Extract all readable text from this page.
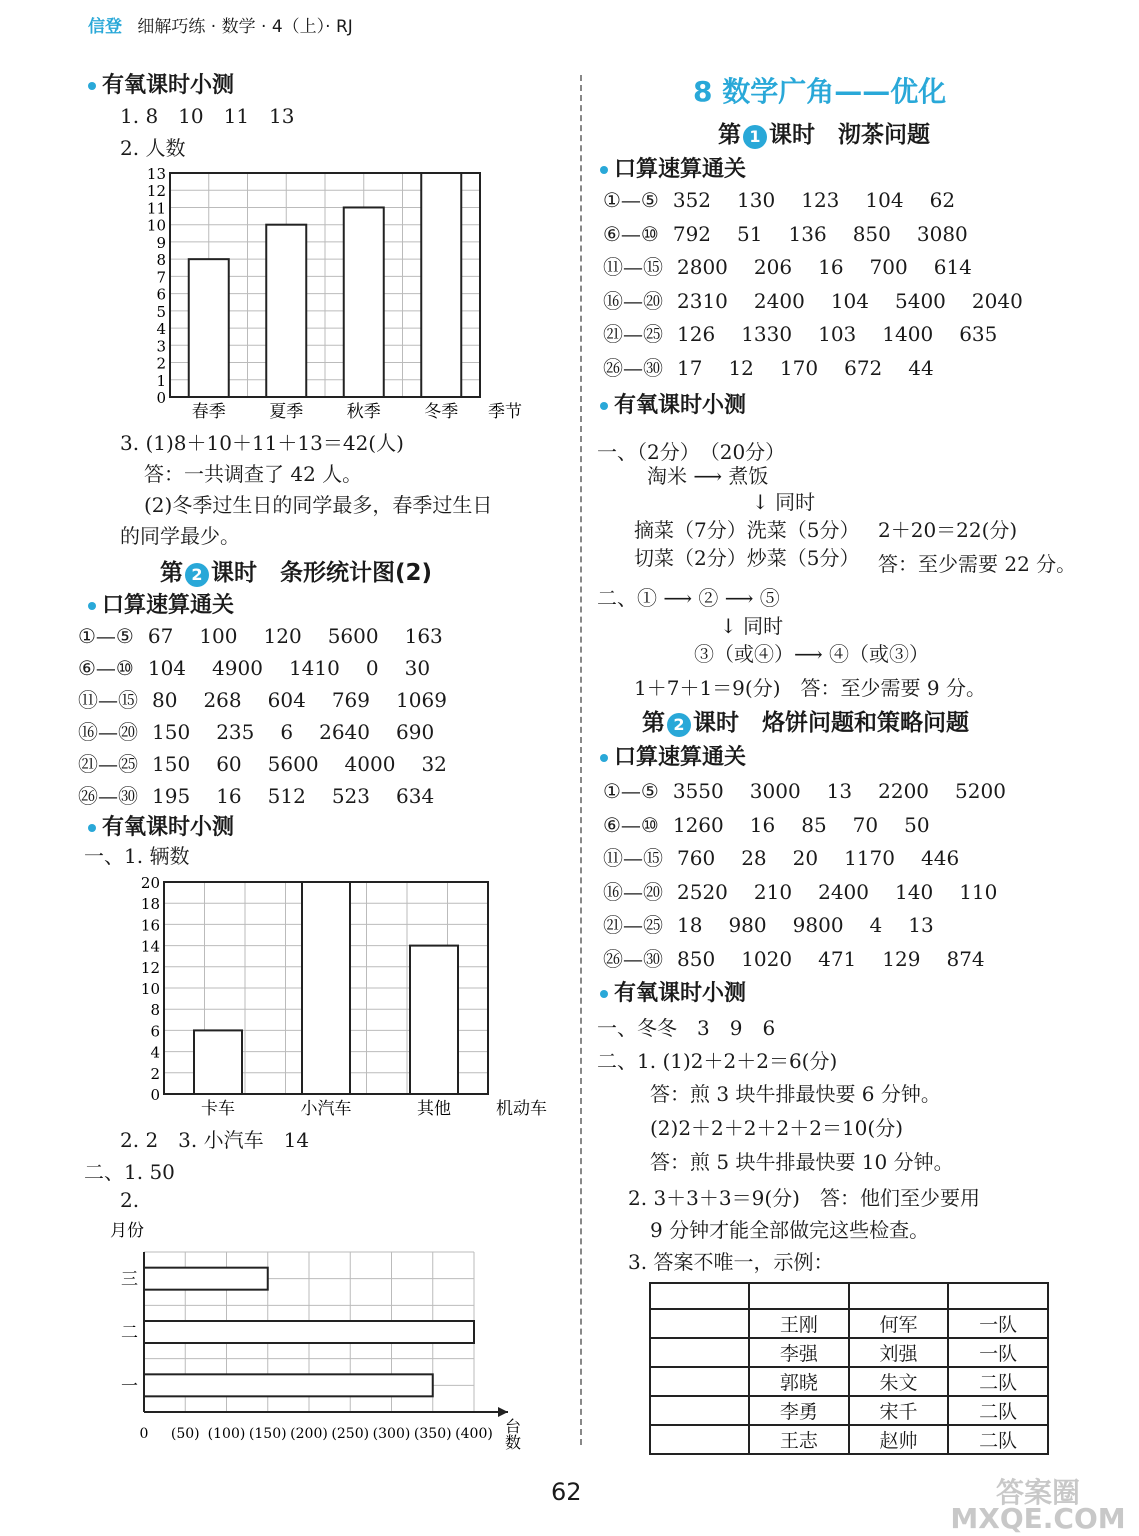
信登 细解巧练 · 数学 · 4（上）· RJ
有氧课时小测
1. 8　10　11　13
2. 人数
0
1
2
3
4
5
6
7
8
9
10
11
12
13
春季	夏季	秋季	冬季 季节
3. (1)8＋10＋11＋13＝42(人)
答：一共调查了 42 人。
(2)冬季过生日的同学最多，春季过生日
的同学最少。
第 2 课时　条形统计图(2)
口算速算通关
①—⑤ 67 100 120 5600 163
⑥—⑩ 104 4900 1410 0 30
⑪—⑮ 80 268 604 769 1069
⑯—⑳ 150 235 6 2640 690
㉑—㉕ 150 60 5600 4000 32
㉖—㉚ 195 16 512 523 634
有氧课时小测
一、1. 辆数
0
2
4
6
8
10
12
14
16
18
20
卡车	小汽车	其他	机动车
2. 2　3. 小汽车　14
二、1. 50
2.
月份
0 (50) (100) (150) (200) (250) (300) (350) (400)
三
二
一
台数
8 数学广角——优化
第 1 课时　沏茶问题
口算速算通关
①—⑤ 352 130 123 104 62
⑥—⑩ 792 51 136 850 3080
⑪—⑮ 2800 206 16 700 614
⑯—⑳ 2310 2400 104 5400 2040
㉑—㉕ 126 1330 103 1400 635
㉖—㉚ 17 12 170 672 44
有氧课时小测
一、（2分）　（20分）
淘米 ⟶ 煮饭
↓ 同时
摘菜（7分）洗菜（5分） 2＋20＝22(分)
切菜（2分）炒菜（5分） 答：至少需要 22 分。
二、① ⟶ ② ⟶ ⑤
↓ 同时
③（或④）⟶ ④（或③）
1＋7＋1＝9(分)　答：至少需要 9 分。
第 2 课时　烙饼问题和策略问题
口算速算通关
①—⑤ 3550 3000 13 2200 5200
⑥—⑩ 1260 16 85 70 50
⑪—⑮ 760 28 20 1170 446
⑯—⑳ 2520 210 2400 140 110
㉑—㉕ 18 980 9800 4 13
㉖—㉚ 850 1020 471 129 874
有氧课时小测
一、冬冬　3　9　6
二、1. (1)2＋2＋2＝6(分)
答：煎 3 块牛排最快要 6 分钟。
(2)2＋2＋2＋2＋2＝10(分)
答：煎 5 块牛排最快要 10 分钟。
2. 3＋3＋3＝9(分)　答：他们至少要用
9 分钟才能全部做完这些检查。
3. 答案不唯一，示例：

	王刚	何军	一队
	李强	刘强	一队
	郭晓	朱文	二队
	李勇	宋千	二队
	王志	赵帅	二队
62	答案圈 MXQE.COM
